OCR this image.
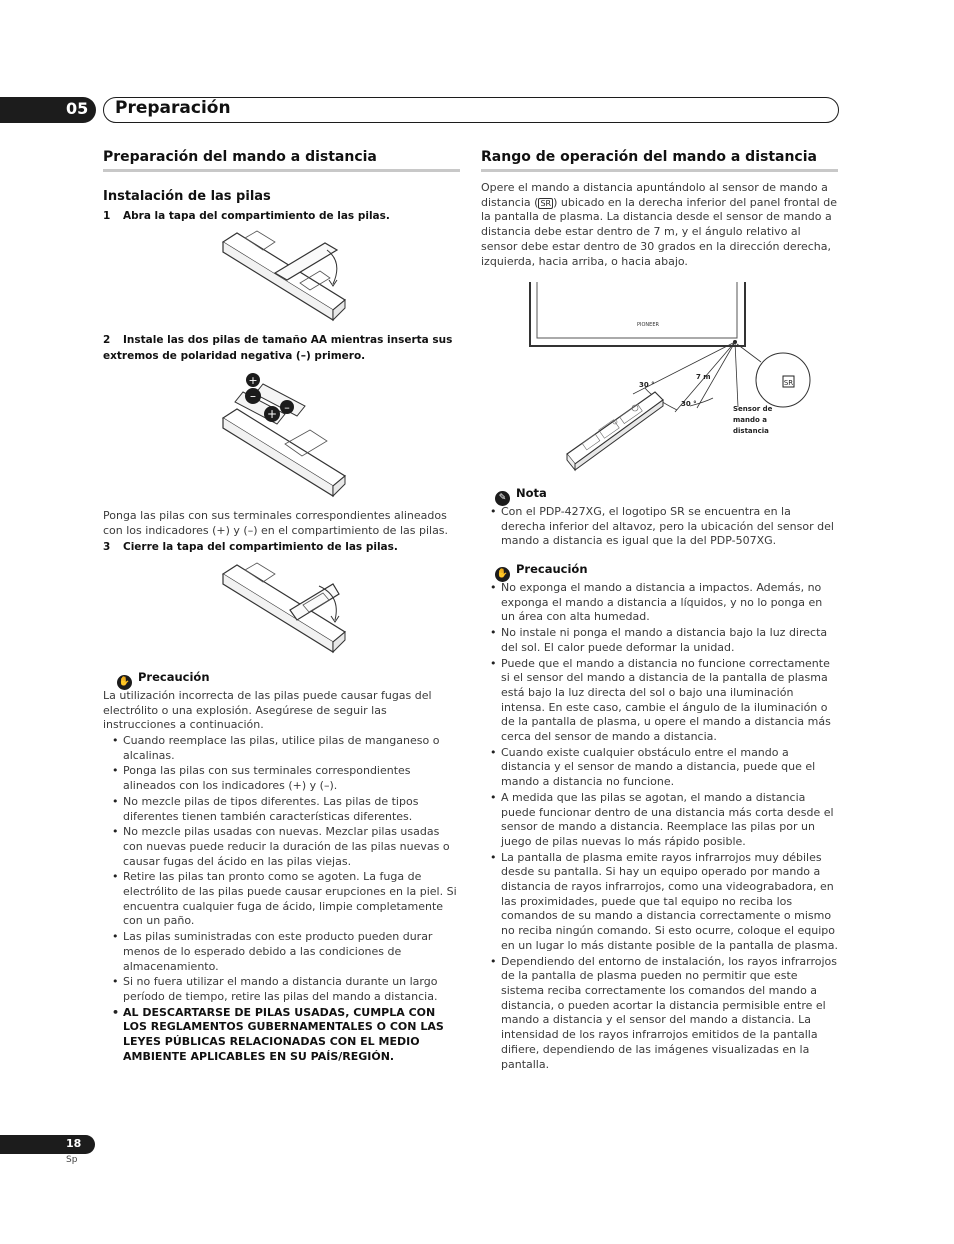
05	Preparación
Preparación del mando a distancia
Instalación de las pilas
1 Abra la tapa del compartimiento de las pilas.
2 Instale las dos pilas de tamaño AA mientras inserta sus extremos de polaridad negativa (–) primero.
–
+
+
–
Ponga las pilas con sus terminales correspondientes alineados con los indicadores (+) y (–) en el compartimiento de las pilas.
3 Cierre la tapa del compartimiento de las pilas.
✋ Precaución
La utilización incorrecta de las pilas puede causar fugas del electrólito o una explosión. Asegúrese de seguir las instrucciones a continuación.
• Cuando reemplace las pilas, utilice pilas de manganeso o alcalinas.
• Ponga las pilas con sus terminales correspondientes alineados con los indicadores (+) y (–).
• No mezcle pilas de tipos diferentes. Las pilas de tipos diferentes tienen también características diferentes.
• No mezcle pilas usadas con nuevas. Mezclar pilas usadas con nuevas puede reducir la duración de las pilas nuevas o causar fugas del ácido en las pilas viejas.
• Retire las pilas tan pronto como se agoten. La fuga de electrólito de las pilas puede causar erupciones en la piel. Si encuentra cualquier fuga de ácido, limpie completamente con un paño.
• Las pilas suministradas con este producto pueden durar menos de lo esperado debido a las condiciones de almacenamiento.
• Si no fuera utilizar el mando a distancia durante un largo período de tiempo, retire las pilas del mando a distancia.
• AL DESCARTARSE DE PILAS USADAS, CUMPLA CON LOS REGLAMENTOS GUBERNAMENTALES O CON LAS LEYES PÚBLICAS RELACIONADAS CON EL MEDIO AMBIENTE APLICABLES EN SU PAÍS/REGIÓN.
Rango de operación del mando a distancia
Opere el mando a distancia apuntándolo al sensor de mando a distancia ( SR ) ubicado en la derecha inferior del panel frontal de la pantalla de plasma. La distancia desde el sensor de mando a distancia debe estar dentro de 7 m, y el ángulo relativo al sensor debe estar dentro de 30 grados en la dirección derecha, izquierda, hacia arriba, o hacia abajo.
PIONEER
SR
30 °
30 °
7 m
Sensor de
mando a
distancia
✎ Nota
• Con el PDP-427XG, el logotipo SR se encuentra en la derecha inferior del altavoz, pero la ubicación del sensor del mando a distancia es igual que la del PDP-507XG.
✋ Precaución
• No exponga el mando a distancia a impactos. Además, no exponga el mando a distancia a líquidos, y no lo ponga en un área con alta humedad.
• No instale ni ponga el mando a distancia bajo la luz directa del sol. El calor puede deformar la unidad.
• Puede que el mando a distancia no funcione correctamente si el sensor del mando a distancia de la pantalla de plasma está bajo la luz directa del sol o bajo una iluminación intensa. En este caso, cambie el ángulo de la iluminación o de la pantalla de plasma, u opere el mando a distancia más cerca del sensor de mando a distancia.
• Cuando existe cualquier obstáculo entre el mando a distancia y el sensor de mando a distancia, puede que el mando a distancia no funcione.
• A medida que las pilas se agotan, el mando a distancia puede funcionar dentro de una distancia más corta desde el sensor de mando a distancia. Reemplace las pilas por un juego de pilas nuevas lo más rápido posible.
• La pantalla de plasma emite rayos infrarrojos muy débiles desde su pantalla. Si hay un equipo operado por mando a distancia de rayos infrarrojos, como una videograbadora, en las proximidades, puede que tal equipo no reciba los comandos de su mando a distancia correctamente o mismo no reciba ningún comando. Si esto ocurre, coloque el equipo en un lugar lo más distante posible de la pantalla de plasma.
• Dependiendo del entorno de instalación, los rayos infrarrojos de la pantalla de plasma pueden no permitir que este sistema reciba correctamente los comandos del mando a distancia, o pueden acortar la distancia permisible entre el mando a distancia y el sensor del mando a distancia. La intensidad de los rayos infrarrojos emitidos de la pantalla difiere, dependiendo de las imágenes visualizadas en la pantalla.
18
Sp
